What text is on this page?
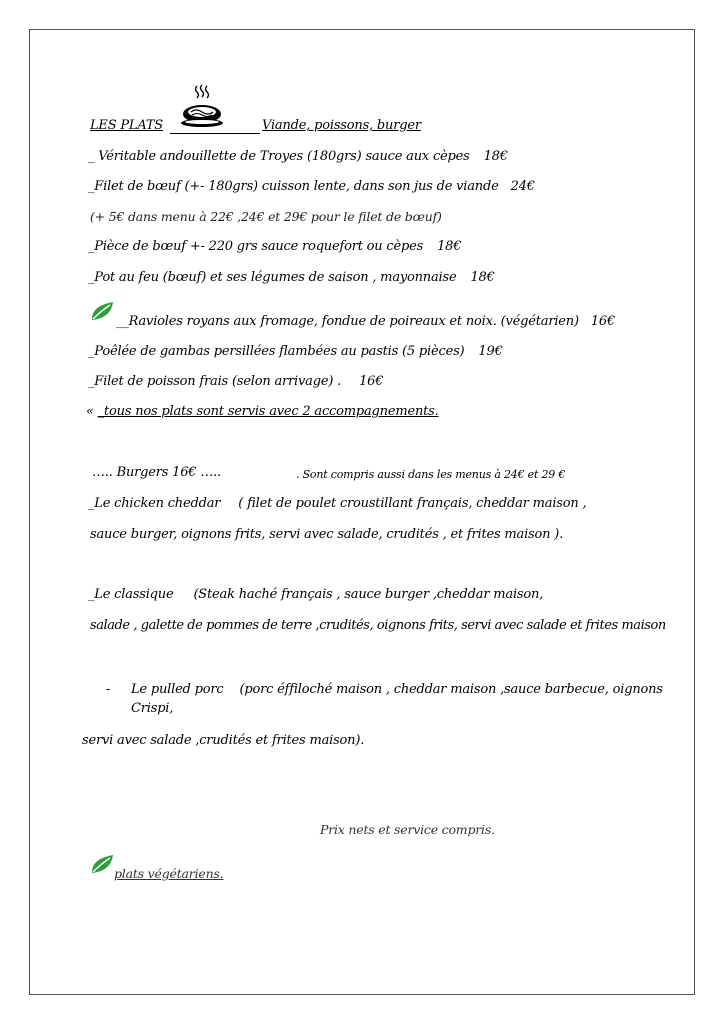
LES PLATS	Viande, poissons, burger
_ Véritable andouillette de Troyes (180grs) sauce aux cèpes 18€
_Filet de bœuf (+- 180grs) cuisson lente, dans son jus de viande 24€
(+ 5€ dans menu à 22€ ,24€ et 29€ pour le filet de bœuf)
_Pièce de bœuf +- 220 grs sauce roquefort ou cèpes 18€
_Pot au feu (bœuf) et ses légumes de saison , mayonnaise 18€
__Ravioles royans aux fromage, fondue de poireaux et noix. (végétarien) 16€
_Poêlée de gambas persillées flambées au pastis (5 pièces) 19€
_Filet de poisson frais (selon arrivage) . 16€
« _tous nos plats sont servis avec 2 accompagnements.
….. Burgers 16€ …..	. Sont compris aussi dans les menus à 24€ et 29 €
_Le chicken cheddar ( filet de poulet croustillant français, cheddar maison ,
sauce burger, oignons frits, servi avec salade, crudités , et frites maison ).
_Le classique (Steak haché français , sauce burger ,cheddar maison,
salade , galette de pommes de terre ,crudités, oignons frits, servi avec salade et frites maison
- Le pulled porc (porc éffiloché maison , cheddar maison ,sauce barbecue, oignons
Crispi,
servi avec salade ,crudités et frites maison).
Prix nets et service compris.
plats végétariens.
